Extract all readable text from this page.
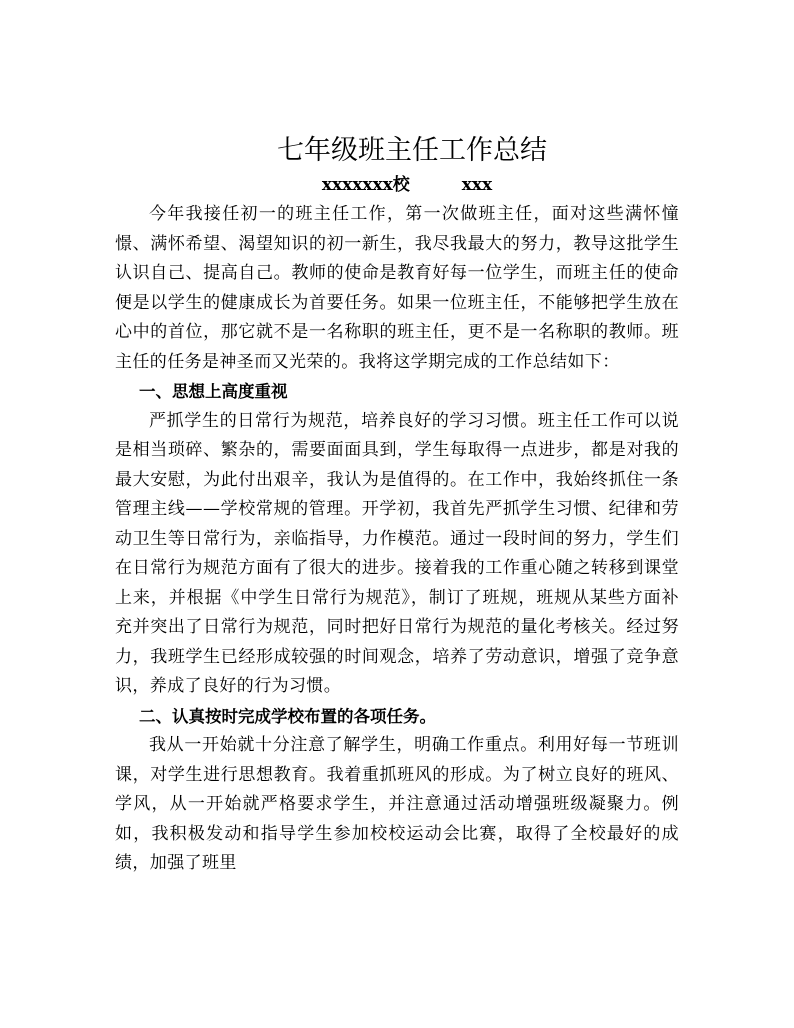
七年级班主任工作总结
xxxxxxx校	xxx

今年我接任初一的班主任工作，第一次做班主任，面对这些满怀憧憬、满怀希望、渴望知识的初一新生，我尽我最大的努力，教导这批学生认识自己、提高自己。教师的使命是教育好每一位学生，而班主任的使命便是以学生的健康成长为首要任务。如果一位班主任，不能够把学生放在心中的首位，那它就不是一名称职的班主任，更不是一名称职的教师。班主任的任务是神圣而又光荣的。我将这学期完成的工作总结如下：

一、思想上高度重视

严抓学生的日常行为规范，培养良好的学习习惯。班主任工作可以说是相当琐碎、繁杂的，需要面面具到，学生每取得一点进步，都是对我的最大安慰，为此付出艰辛，我认为是值得的。在工作中，我始终抓住一条管理主线——学校常规的管理。开学初，我首先严抓学生习惯、纪律和劳动卫生等日常行为，亲临指导，力作模范。通过一段时间的努力，学生们在日常行为规范方面有了很大的进步。接着我的工作重心随之转移到课堂上来，并根据《中学生日常行为规范》，制订了班规，班规从某些方面补充并突出了日常行为规范，同时把好日常行为规范的量化考核关。经过努力，我班学生已经形成较强的时间观念，培养了劳动意识，增强了竞争意识，养成了良好的行为习惯。

二、认真按时完成学校布置的各项任务。

我从一开始就十分注意了解学生，明确工作重点。利用好每一节班训课，对学生进行思想教育。我着重抓班风的形成。为了树立良好的班风、学风，从一开始就严格要求学生，并注意通过活动增强班级凝聚力。例如，我积极发动和指导学生参加校校运动会比赛，取得了全校最好的成绩，加强了班里
